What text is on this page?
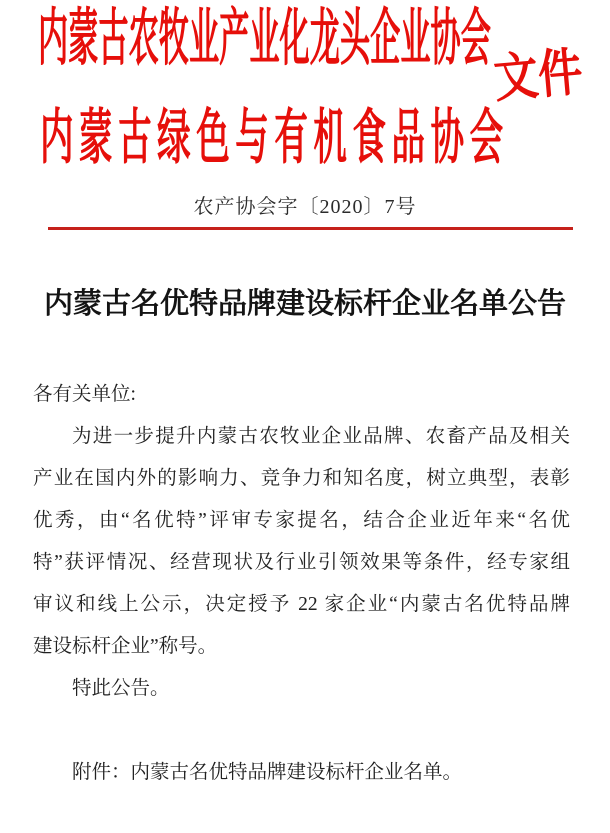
内蒙古农牧业产业化龙头企业协会
文件
内蒙古绿色与有机食品协会
农产协会字〔2020〕7号
内蒙古名优特品牌建设标杆企业名单公告
各有关单位:
为进一步提升内蒙古农牧业企业品牌、农畜产品及相关
产业在国内外的影响力、竞争力和知名度，树立典型，表彰
优秀，由“名优特”评审专家提名，结合企业近年来“名优
特”获评情况、经营现状及行业引领效果等条件，经专家组
审议和线上公示，决定授予 22 家企业“内蒙古名优特品牌
建设标杆企业”称号。
特此公告。
附件：内蒙古名优特品牌建设标杆企业名单。
